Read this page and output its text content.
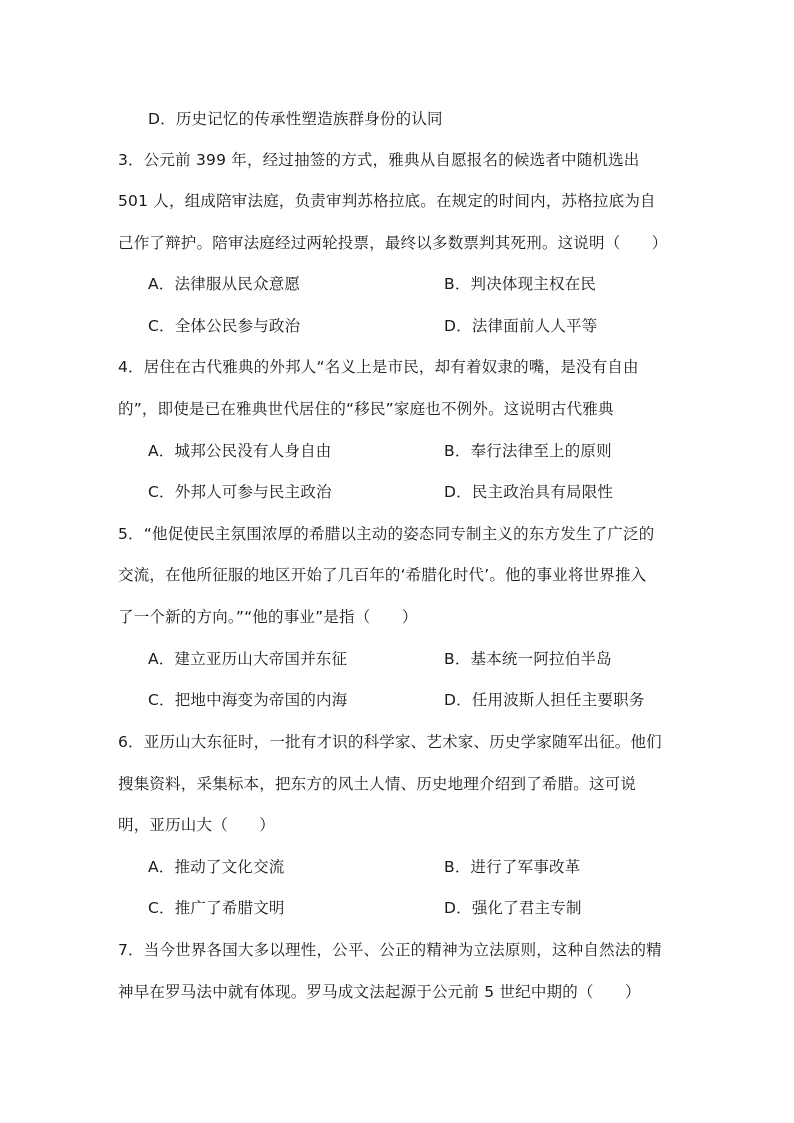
D．历史记忆的传承性塑造族群身份的认同
3．公元前 399 年，经过抽签的方式，雅典从自愿报名的候选者中随机选出
501 人，组成陪审法庭，负责审判苏格拉底。在规定的时间内，苏格拉底为自
己作了辩护。陪审法庭经过两轮投票，最终以多数票判其死刑。这说明（　　）
A．法律服从民众意愿	B．判决体现主权在民
C．全体公民参与政治	D．法律面前人人平等
4．居住在古代雅典的外邦人“名义上是市民，却有着奴隶的嘴，是没有自由
的”，即使是已在雅典世代居住的“移民”家庭也不例外。这说明古代雅典
A．城邦公民没有人身自由	B．奉行法律至上的原则
C．外邦人可参与民主政治	D．民主政治具有局限性
5．“他促使民主氛围浓厚的希腊以主动的姿态同专制主义的东方发生了广泛的
交流，在他所征服的地区开始了几百年的‘希腊化时代’。他的事业将世界推入
了一个新的方向。”“他的事业”是指（　　）
A．建立亚历山大帝国并东征	B．基本统一阿拉伯半岛
C．把地中海变为帝国的内海	D．任用波斯人担任主要职务
6．亚历山大东征时，一批有才识的科学家、艺术家、历史学家随军出征。他们
搜集资料，采集标本，把东方的风土人情、历史地理介绍到了希腊。这可说
明，亚历山大（　　）
A．推动了文化交流	B．进行了军事改革
C．推广了希腊文明	D．强化了君主专制
7．当今世界各国大多以理性，公平、公正的精神为立法原则，这种自然法的精
神早在罗马法中就有体现。罗马成文法起源于公元前 5 世纪中期的（　　）
